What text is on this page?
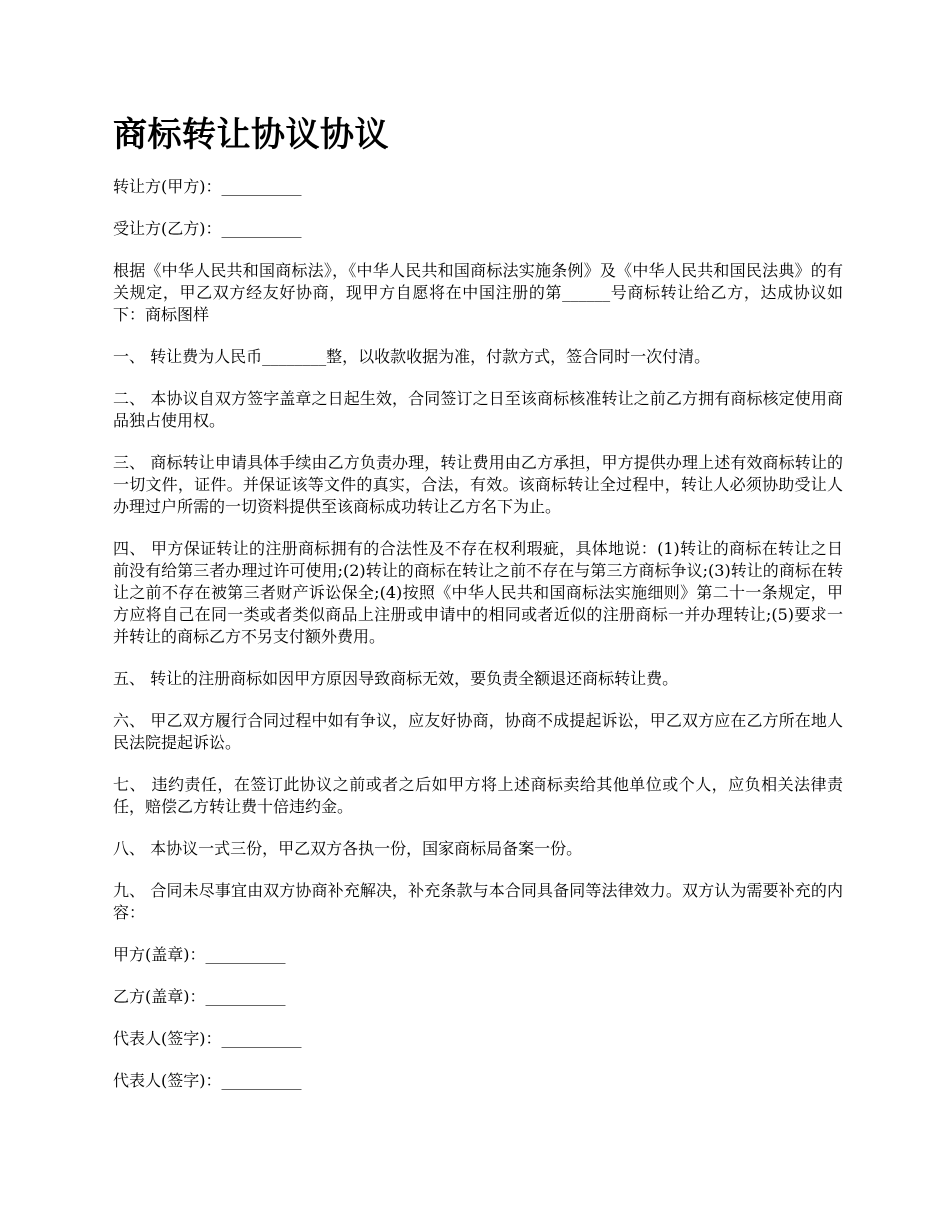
商标转让协议协议

转让方(甲方)：__________

受让方(乙方)：__________

根据《中华人民共和国商标法》，《中华人民共和国商标法实施条例》及《中华人民共和国民法典》的有关规定，甲乙双方经友好协商，现甲方自愿将在中国注册的第______号商标转让给乙方，达成协议如下：商标图样

一、 转让费为人民币________整，以收款收据为准，付款方式，签合同时一次付清。

二、 本协议自双方签字盖章之日起生效，合同签订之日至该商标核准转让之前乙方拥有商标核定使用商品独占使用权。

三、 商标转让申请具体手续由乙方负责办理，转让费用由乙方承担，甲方提供办理上述有效商标转让的一切文件，证件。并保证该等文件的真实，合法，有效。该商标转让全过程中，转让人必须协助受让人办理过户所需的一切资料提供至该商标成功转让乙方名下为止。

四、 甲方保证转让的注册商标拥有的合法性及不存在权利瑕疵，具体地说：(1)转让的商标在转让之日前没有给第三者办理过许可使用;(2)转让的商标在转让之前不存在与第三方商标争议;(3)转让的商标在转让之前不存在被第三者财产诉讼保全;(4)按照《中华人民共和国商标法实施细则》第二十一条规定，甲方应将自己在同一类或者类似商品上注册或申请中的相同或者近似的注册商标一并办理转让;(5)要求一并转让的商标乙方不另支付额外费用。

五、 转让的注册商标如因甲方原因导致商标无效，要负责全额退还商标转让费。

六、 甲乙双方履行合同过程中如有争议，应友好协商，协商不成提起诉讼，甲乙双方应在乙方所在地人民法院提起诉讼。

七、 违约责任，在签订此协议之前或者之后如甲方将上述商标卖给其他单位或个人，应负相关法律责任，赔偿乙方转让费十倍违约金。

八、 本协议一式三份，甲乙双方各执一份，国家商标局备案一份。

九、 合同未尽事宜由双方协商补充解决，补充条款与本合同具备同等法律效力。双方认为需要补充的内容：

甲方(盖章)：__________

乙方(盖章)：__________

代表人(签字)：__________

代表人(签字)：__________
